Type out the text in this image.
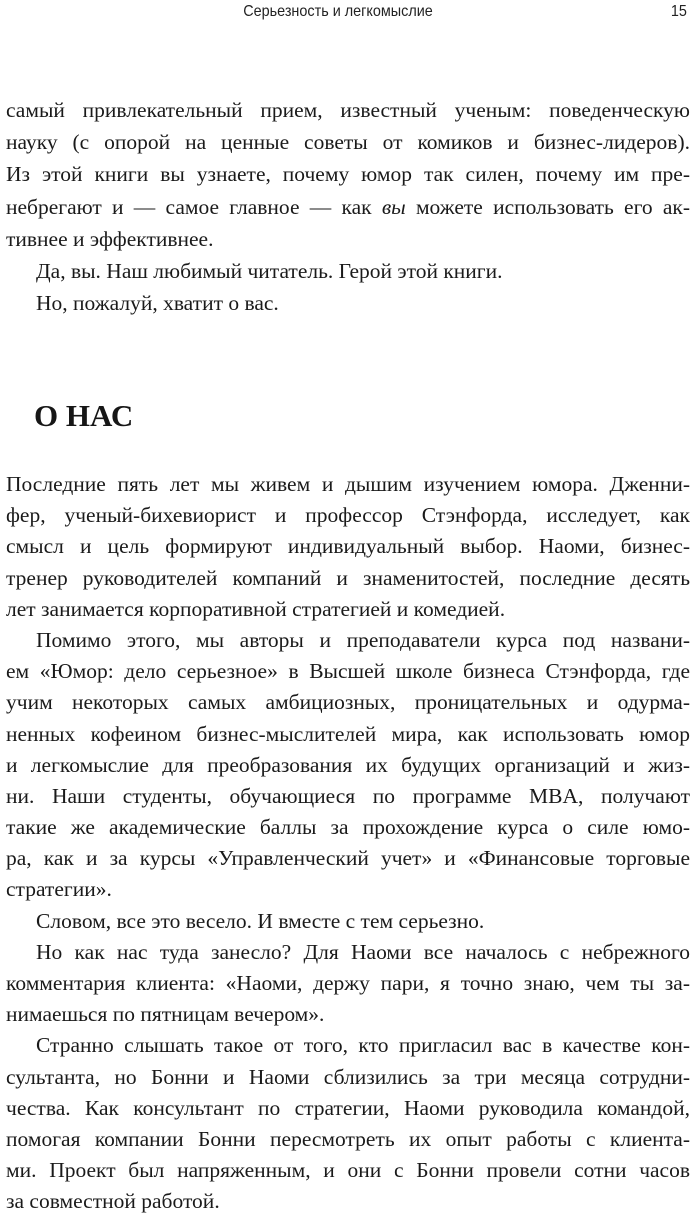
Серьезность и легкомыслие	15
самый привлекательный прием, известный ученым: поведенческую
науку (с опорой на ценные советы от комиков и бизнес-лидеров).
Из этой книги вы узнаете, почему юмор так силен, почему им пре-
небрегают и — самое главное — как вы можете использовать его ак-
тивнее и эффективнее.
Да, вы. Наш любимый читатель. Герой этой книги.
Но, пожалуй, хватит о вас.
О НАС
Последние пять лет мы живем и дышим изучением юмора. Дженни-
фер, ученый-бихевиорист и профессор Стэнфорда, исследует, как
смысл и цель формируют индивидуальный выбор. Наоми, бизнес-
тренер руководителей компаний и знаменитостей, последние десять
лет занимается корпоративной стратегией и комедией.
Помимо этого, мы авторы и преподаватели курса под названи-
ем «Юмор: дело серьезное» в Высшей школе бизнеса Стэнфорда, где
учим некоторых самых амбициозных, проницательных и одурма-
ненных кофеином бизнес-мыслителей мира, как использовать юмор
и легкомыслие для преобразования их будущих организаций и жиз-
ни. Наши студенты, обучающиеся по программе MBA, получают
такие же академические баллы за прохождение курса о силе юмо-
ра, как и за курсы «Управленческий учет» и «Финансовые торговые
стратегии».
Словом, все это весело. И вместе с тем серьезно.
Но как нас туда занесло? Для Наоми все началось с небрежного
комментария клиента: «Наоми, держу пари, я точно знаю, чем ты за-
нимаешься по пятницам вечером».
Странно слышать такое от того, кто пригласил вас в качестве кон-
сультанта, но Бонни и Наоми сблизились за три месяца сотрудни-
чества. Как консультант по стратегии, Наоми руководила командой,
помогая компании Бонни пересмотреть их опыт работы с клиента-
ми. Проект был напряженным, и они с Бонни провели сотни часов
за совместной работой.
